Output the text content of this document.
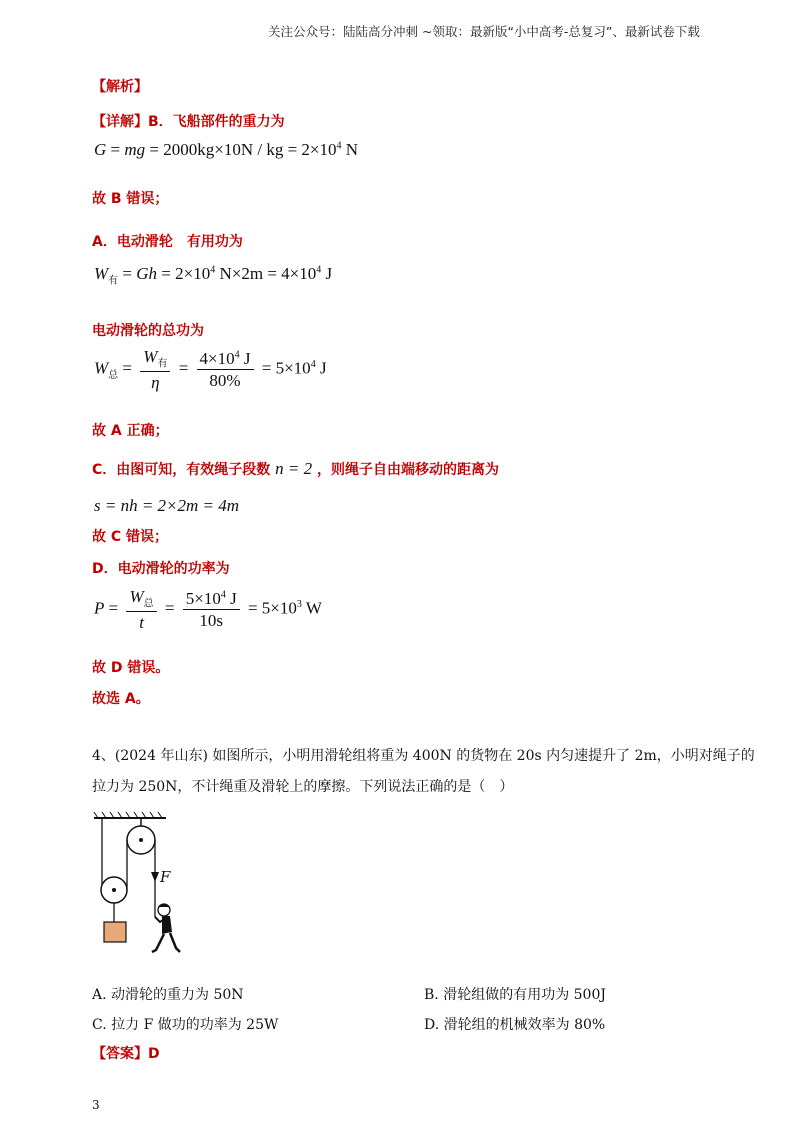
关注公众号：陆陆高分冲刺 ~领取：最新版“小中高考-总复习”、最新试卷下载
【解析】
【详解】B．飞船部件的重力为
G = mg = 2000kg×10N / kg = $2\times 10^4$ N
故 B 错误；
A．电动滑轮　有用功为
$W_有 = Gh = 2\times 10^4$ $N\times 2m = 4\times 10^4$ J
电动滑轮的总功为
$W_总 = \frac{W_有}{\eta} = \frac{4\times 10^4 J}{80\%} = 5\times 10^4$ J
故 A 正确；
C．由图可知，有效绳子段数 n = 2 ，则绳子自由端移动的距离为
s = nh = 2×2m = 4m
故 C 错误；
D．电动滑轮的功率为
$P = \frac{W_总}{t} = \frac{5\times 10^4 J}{10s} = 5\times 10^3$ W
故 D 错误。
故选 A。
4、(2024 年山东) 如图所示，小明用滑轮组将重为 400N 的货物在 20s 内匀速提升了 2m，小明对绳子的
拉力为 250N，不计绳重及滑轮上的摩擦。下列说法正确的是（　）
F
A. 动滑轮的重力为 50N	B. 滑轮组做的有用功为 500J
C. 拉力 F 做功的功率为 25W	D. 滑轮组的机械效率为 80%
【答案】D
3
